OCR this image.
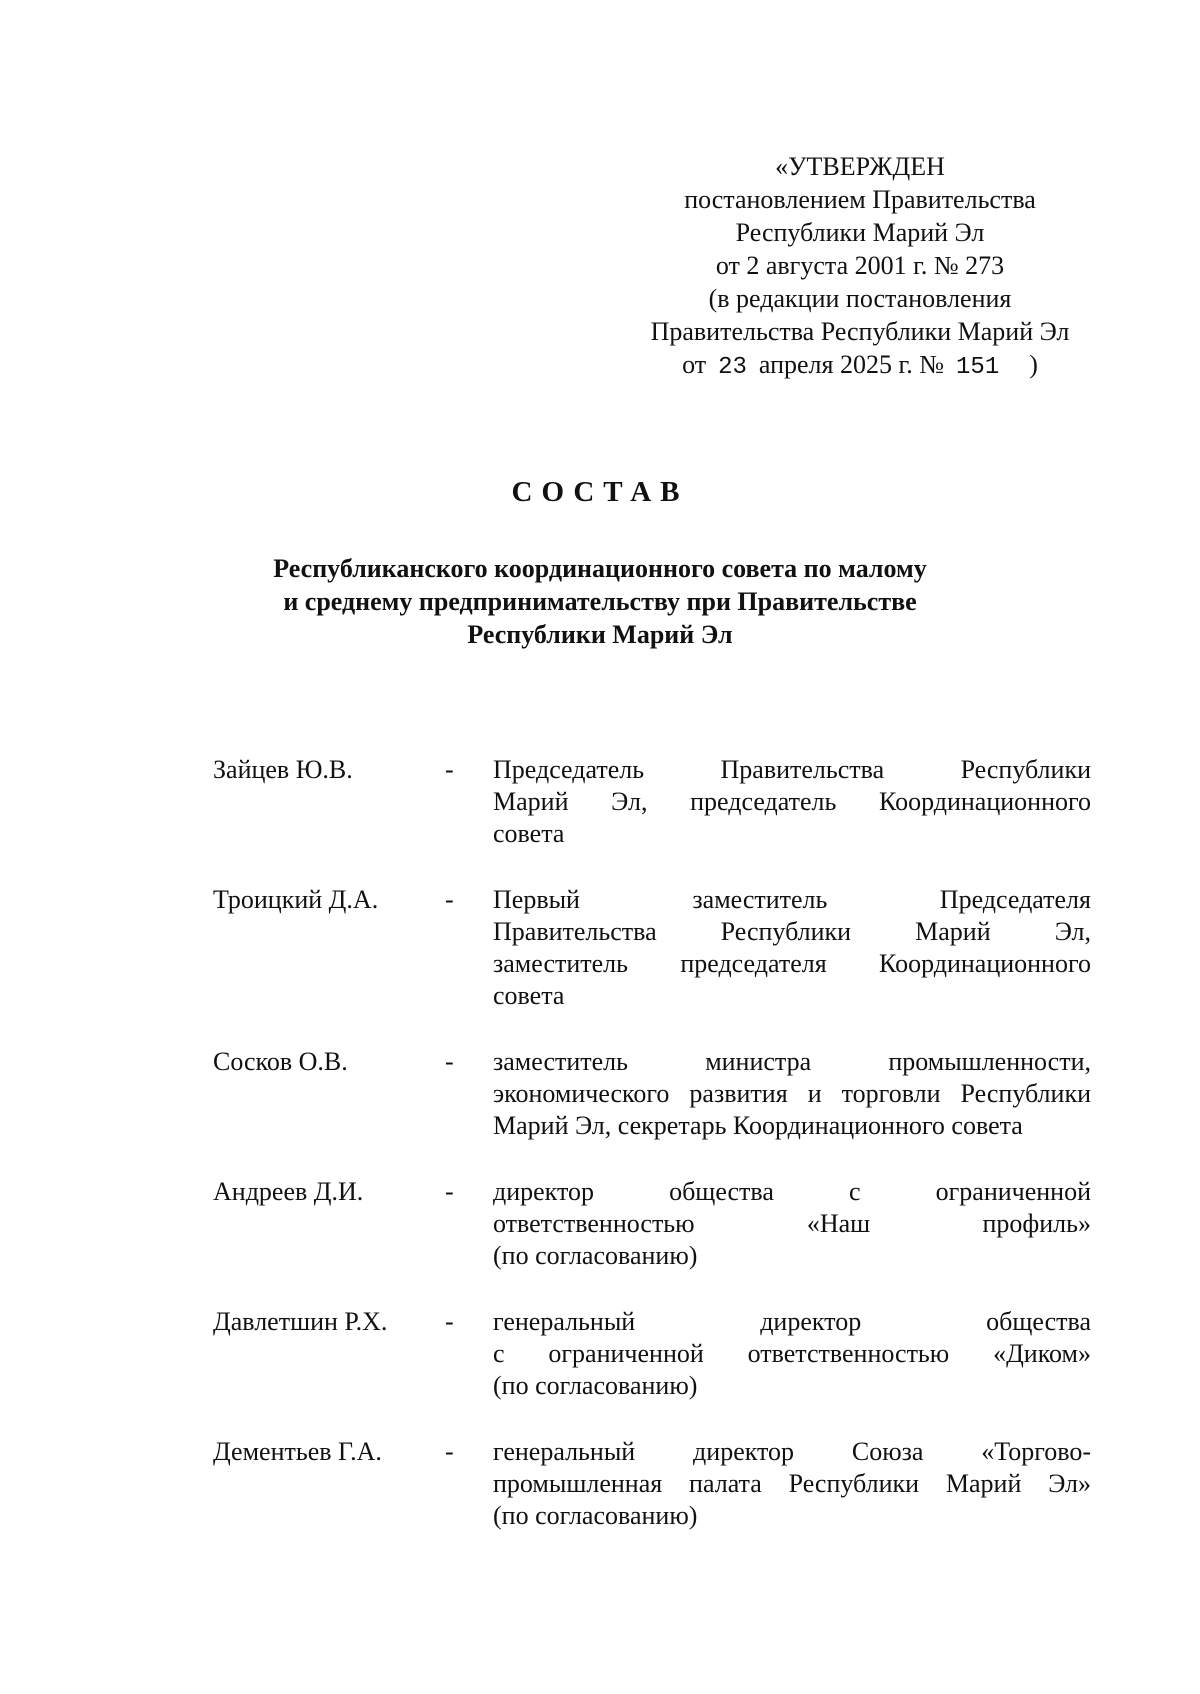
«УТВЕРЖДЕН
постановлением Правительства
Республики Марий Эл
от 2 августа 2001 г. № 273
(в редакции постановления
Правительства Республики Марий Эл
от 23 апреля 2025 г. № 151 )
СОСТАВ
Республиканского координационного совета по малому
и среднему предпринимательству при Правительстве
Республики Марий Эл
Зайцев Ю.В.	-	Председатель Правительства Республики
Марий Эл, председатель Координационного
совета
Троицкий Д.А.	-	Первый заместитель Председателя
Правительства Республики Марий Эл,
заместитель председателя Координационного
совета
Сосков О.В.	-	заместитель министра промышленности,
экономического развития и торговли Республики
Марий Эл, секретарь Координационного совета
Андреев Д.И.	-	директор общества с ограниченной
ответственностью «Наш профиль»
(по согласованию)
Давлетшин Р.Х.	-	генеральный директор общества
с ограниченной ответственностью «Диком»
(по согласованию)
Дементьев Г.А.	-	генеральный директор Союза «Торгово-
промышленная палата Республики Марий Эл»
(по согласованию)
